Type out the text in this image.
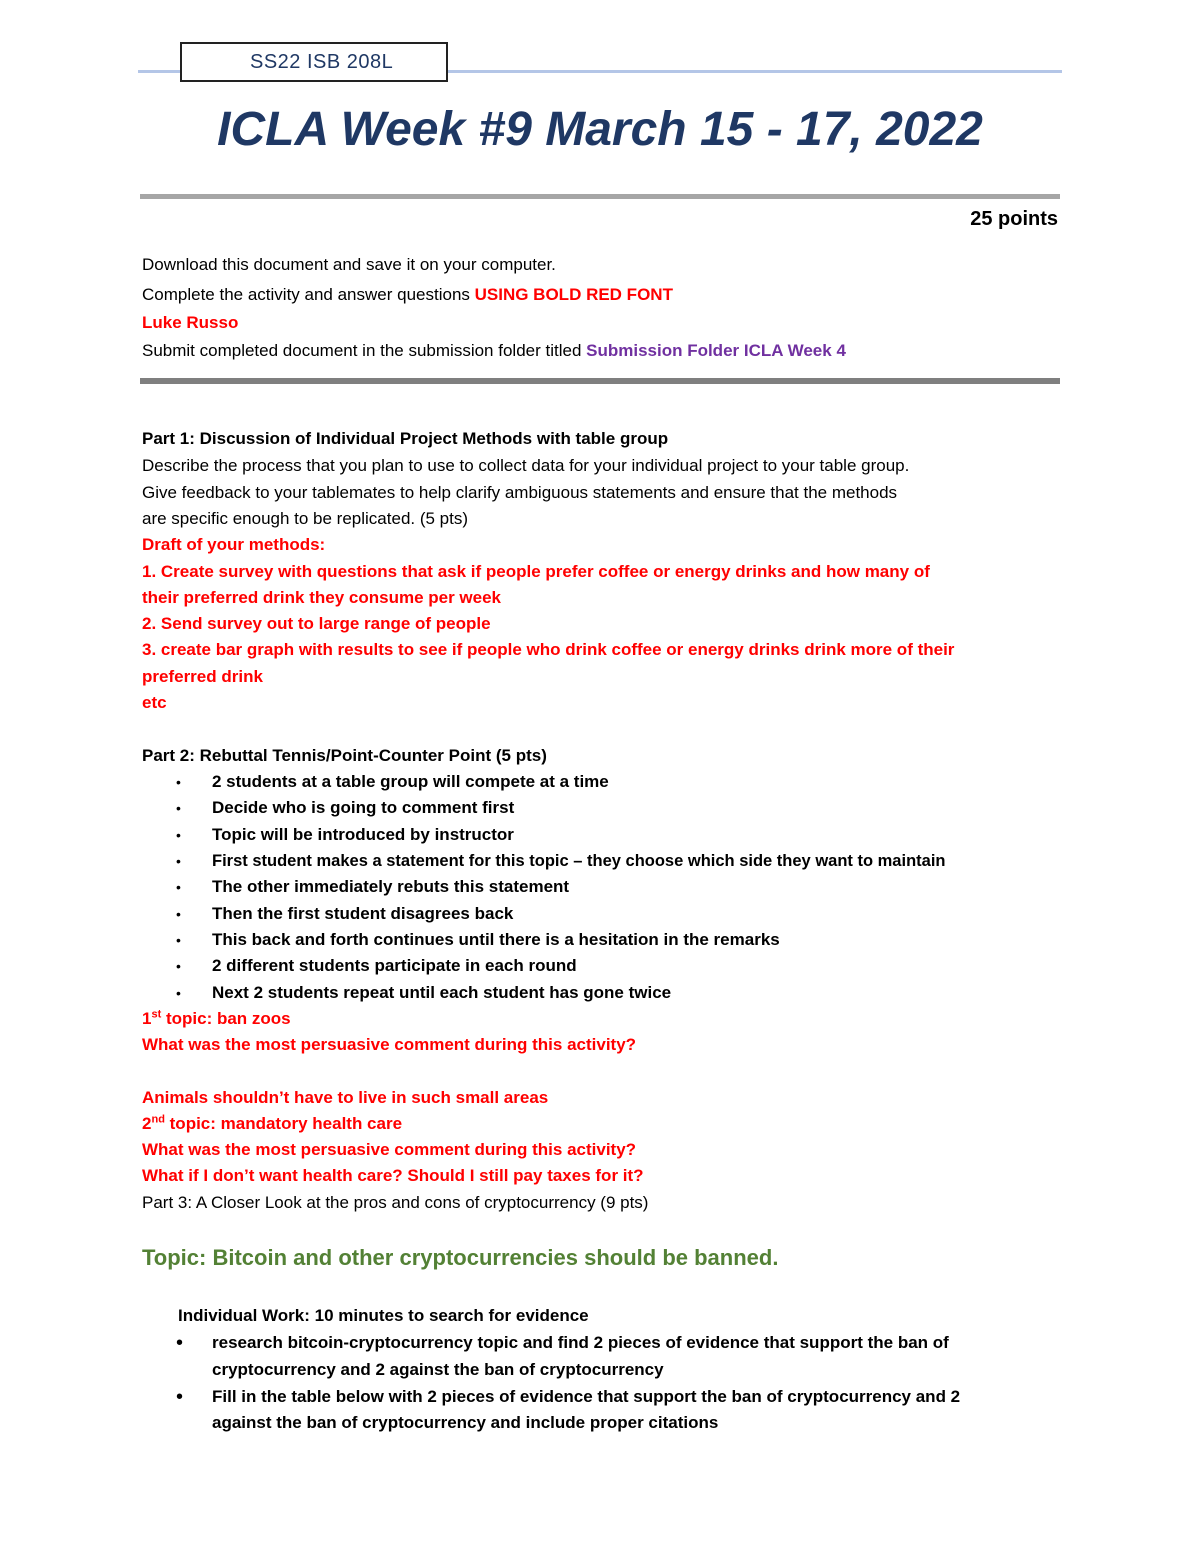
SS22 ISB 208L
ICLA Week #9 March 15 - 17, 2022
25 points
Download this document and save it on your computer.
Complete the activity and answer questions USING BOLD RED FONT
Luke Russo
Submit completed document in the submission folder titled Submission Folder ICLA Week 4
Part 1: Discussion of Individual Project Methods with table group
Describe the process that you plan to use to collect data for your individual project to your table group.
Give feedback to your tablemates to help clarify ambiguous statements and ensure that the methods
are specific enough to be replicated. (5 pts)
Draft of your methods:
1. Create survey with questions that ask if people prefer coffee or energy drinks and how many of
their preferred drink they consume per week
2. Send survey out to large range of people
3. create bar graph with results to see if people who drink coffee or energy drinks drink more of their
preferred drink
etc
Part 2: Rebuttal Tennis/Point-Counter Point (5 pts)
• 2 students at a table group will compete at a time
• Decide who is going to comment first
• Topic will be introduced by instructor
• First student makes a statement for this topic – they choose which side they want to maintain
• The other immediately rebuts this statement
• Then the first student disagrees back
• This back and forth continues until there is a hesitation in the remarks
• 2 different students participate in each round
• Next 2 students repeat until each student has gone twice
1st topic: ban zoos
What was the most persuasive comment during this activity?
Animals shouldn’t have to live in such small areas
2nd topic: mandatory health care
What was the most persuasive comment during this activity?
What if I don’t want health care? Should I still pay taxes for it?
Part 3: A Closer Look at the pros and cons of cryptocurrency (9 pts)
Topic: Bitcoin and other cryptocurrencies should be banned.
Individual Work: 10 minutes to search for evidence
• research bitcoin-cryptocurrency topic and find 2 pieces of evidence that support the ban of
cryptocurrency and 2 against the ban of cryptocurrency
• Fill in the table below with 2 pieces of evidence that support the ban of cryptocurrency and 2
against the ban of cryptocurrency and include proper citations
